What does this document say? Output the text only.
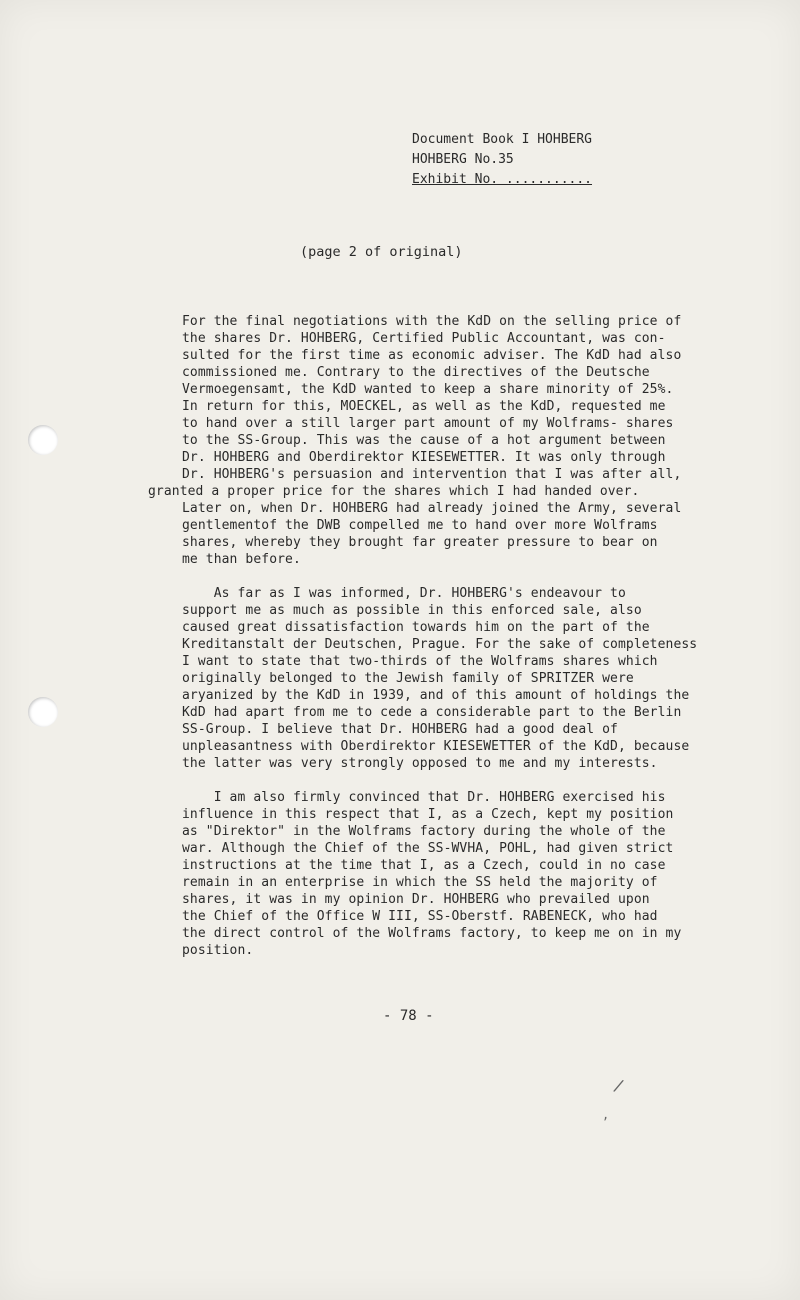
Document Book I HOHBERG
HOHBERG No.35
Exhibit No. ...........
(page 2 of original)
For the final negotiations with the KdD on the selling price of
the shares Dr. HOHBERG, Certified Public Accountant, was con-
sulted for the first time as economic adviser. The KdD had also
commissioned me. Contrary to the directives of the Deutsche
Vermoegensamt, the KdD wanted to keep a share minority of 25%.
In return for this, MOECKEL, as well as the KdD, requested me
to hand over a still larger part amount of my Wolframs- shares
to the SS-Group. This was the cause of a hot argument between
Dr. HOHBERG and Oberdirektor KIESEWETTER. It was only through
Dr. HOHBERG's persuasion and intervention that I was after all,
granted a proper price for the shares which I had handed over.
Later on, when Dr. HOHBERG had already joined the Army, several
gentlementof the DWB compelled me to hand over more Wolframs
shares, whereby they brought far greater pressure to bear on
me than before.
As far as I was informed, Dr. HOHBERG's endeavour to
support me as much as possible in this enforced sale, also
caused great dissatisfaction towards him on the part of the
Kreditanstalt der Deutschen, Prague. For the sake of completeness
I want to state that two-thirds of the Wolframs shares which
originally belonged to the Jewish family of SPRITZER were
aryanized by the KdD in 1939, and of this amount of holdings the
KdD had apart from me to cede a considerable part to the Berlin
SS-Group. I believe that Dr. HOHBERG had a good deal of
unpleasantness with Oberdirektor KIESEWETTER of the KdD, because
the latter was very strongly opposed to me and my interests.
I am also firmly convinced that Dr. HOHBERG exercised his
influence in this respect that I, as a Czech, kept my position
as "Direktor" in the Wolframs factory during the whole of the
war. Although the Chief of the SS-WVHA, POHL, had given strict
instructions at the time that I, as a Czech, could in no case
remain in an enterprise in which the SS held the majority of
shares, it was in my opinion Dr. HOHBERG who prevailed upon
the Chief of the Office W III, SS-Oberstf. RABENECK, who had
the direct control of the Wolframs factory, to keep me on in my
position.
- 78 -
/
,
